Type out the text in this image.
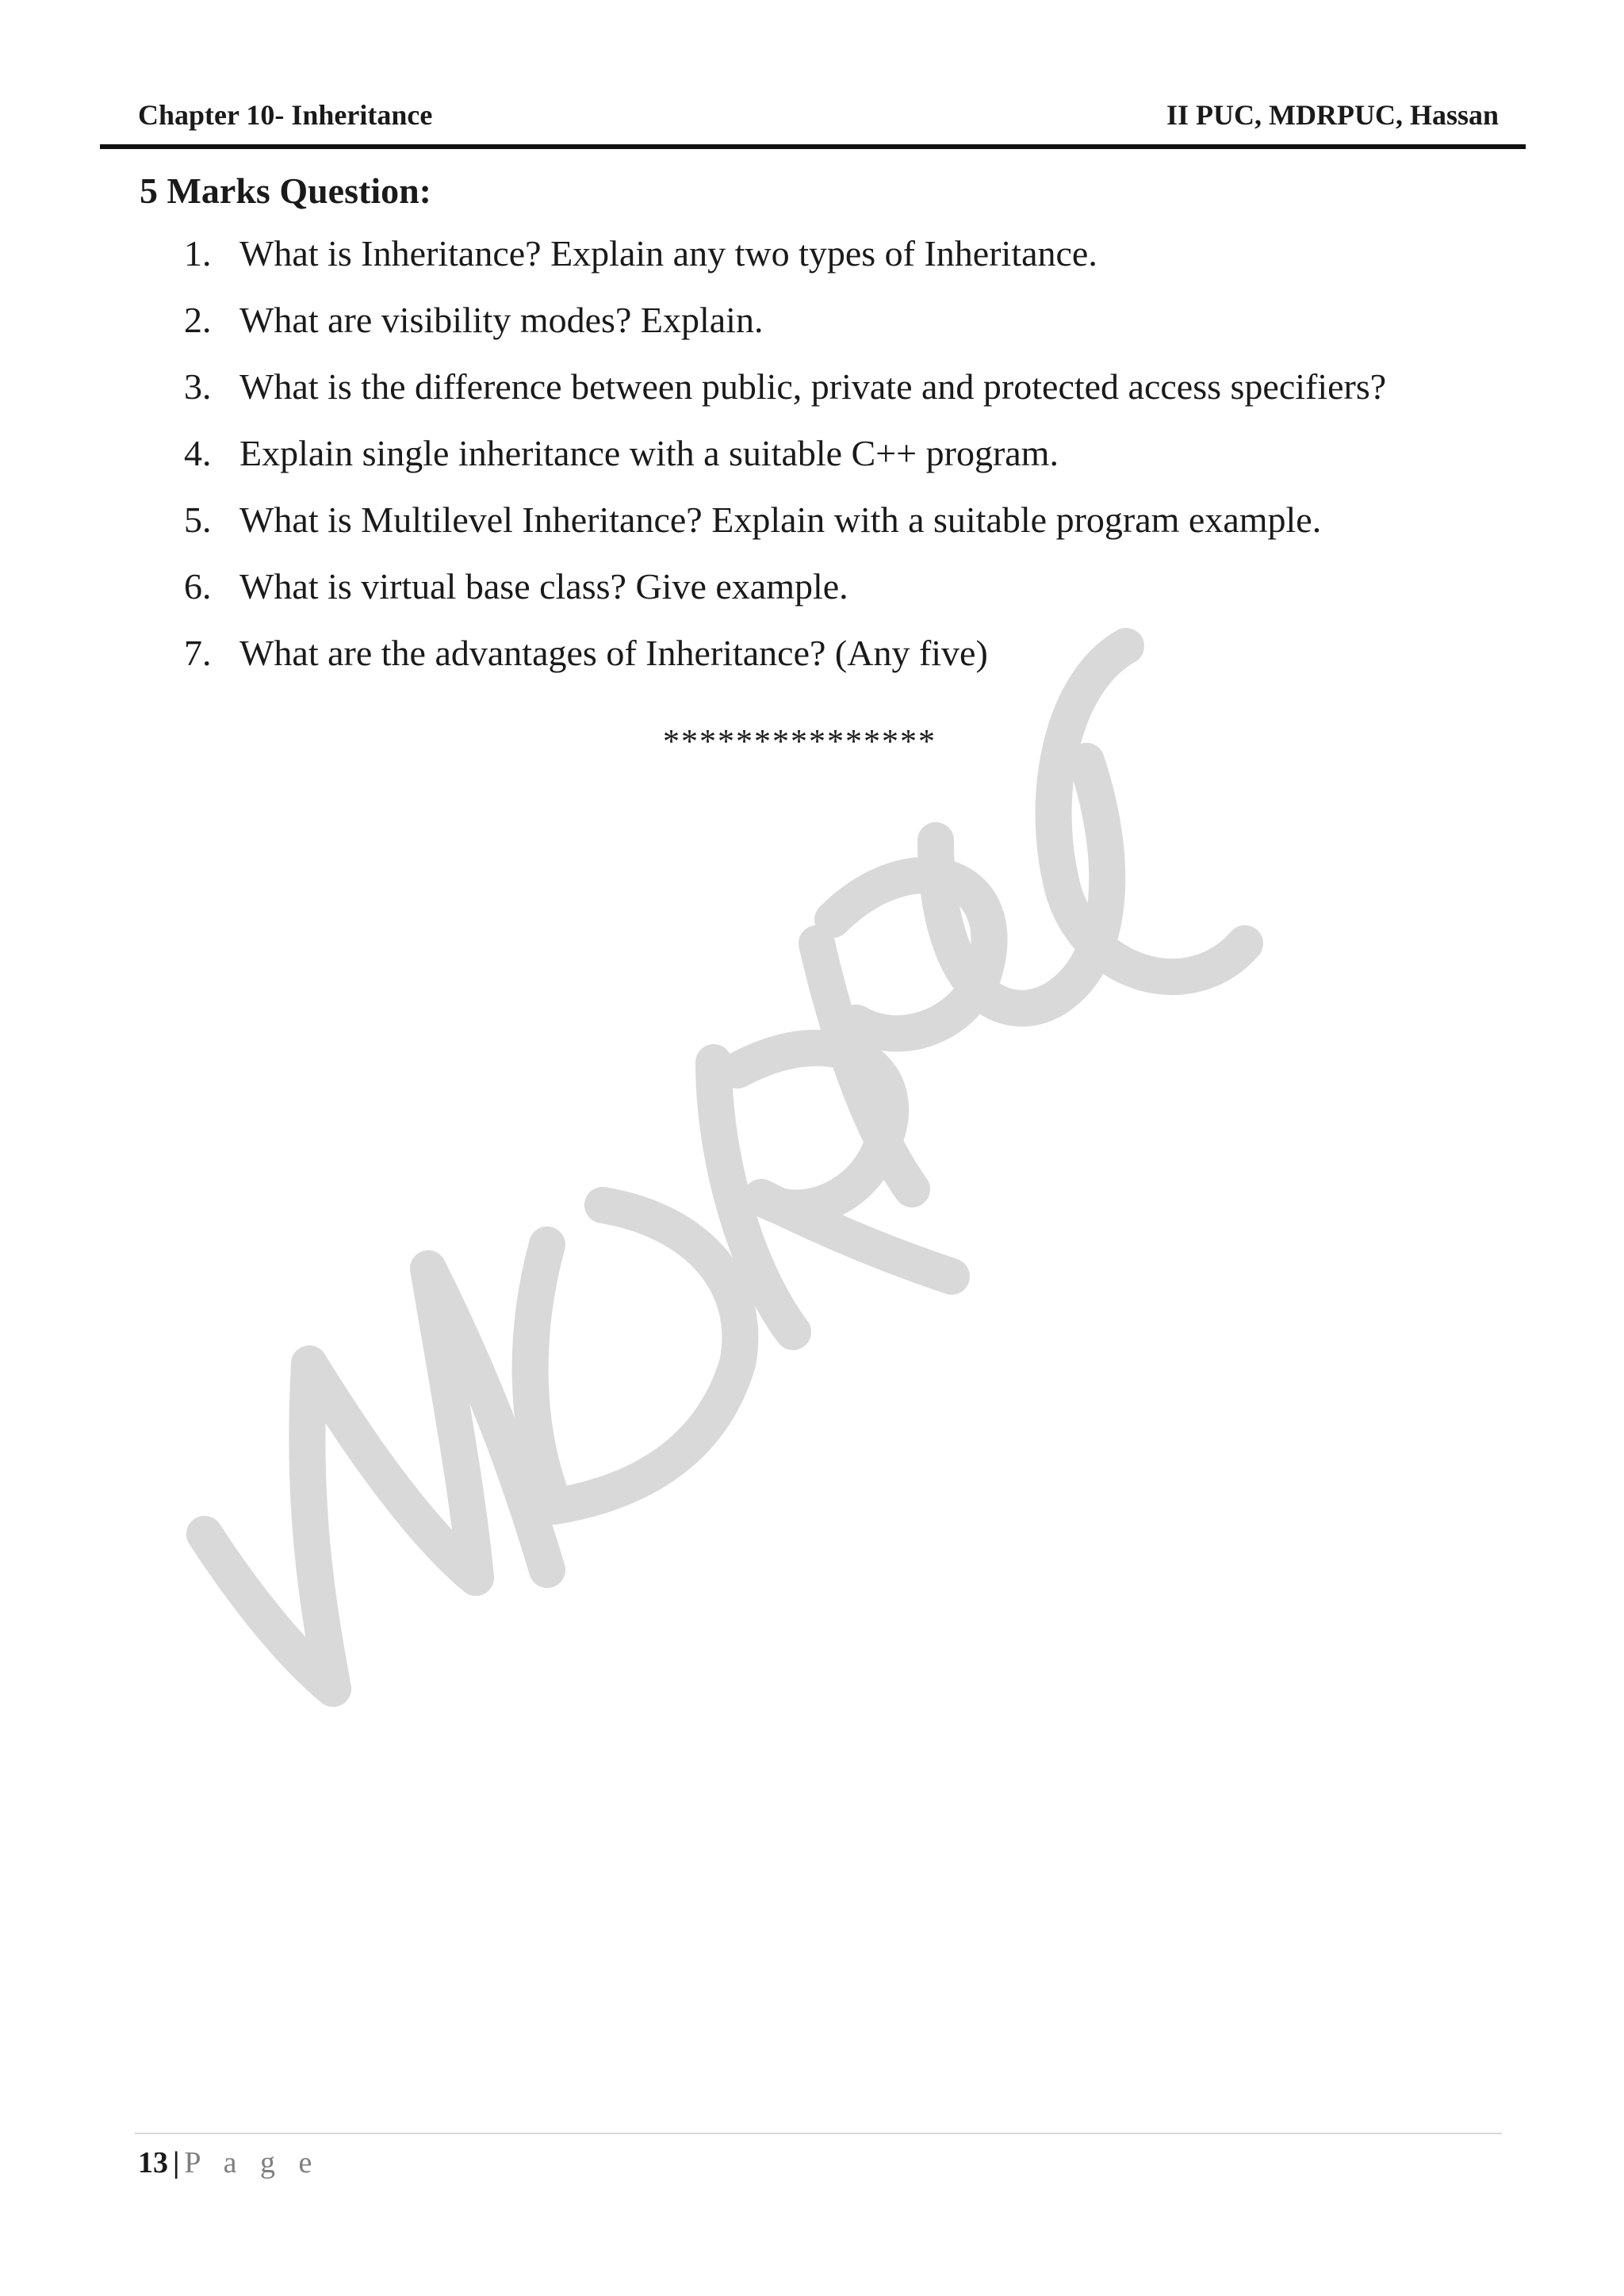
Chapter 10- Inheritance	II PUC, MDRPUC, Hassan
5 Marks Question:
1. What is Inheritance? Explain any two types of Inheritance.
2. What are visibility modes? Explain.
3. What is the difference between public, private and protected access specifiers?
4. Explain single inheritance with a suitable C++ program.
5. What is Multilevel Inheritance? Explain with a suitable program example.
6. What is virtual base class? Give example.
7. What are the advantages of Inheritance? (Any five)
***************
13 | P a g e
